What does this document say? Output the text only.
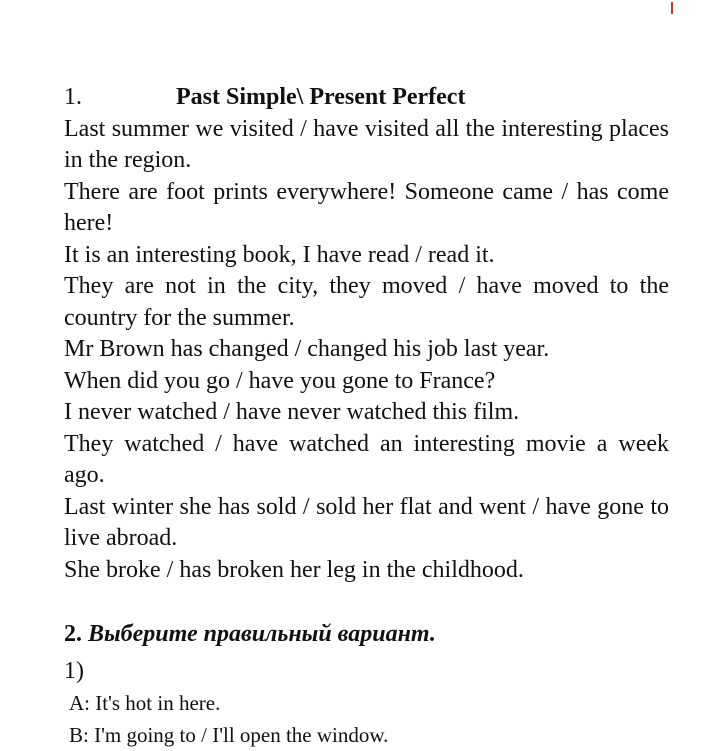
1.	Past Simple\ Present Perfect

Last summer we visited / have visited all the interesting places in the region.

There are foot prints everywhere! Someone came / has come here!

It is an interesting book, I have read / read it.

They are not in the city, they moved / have moved to the country for the summer.

Mr Brown has changed / changed his job last year.

When did you go / have you gone to France?

I never watched / have never watched this film.

They watched / have watched an interesting movie a week ago.

Last winter she has sold / sold her flat and went / have gone to live abroad.

She broke / has broken her leg in the childhood.

2. Выберите правильный вариант.

1)

A: It's hot in here.

B: I'm going to / I'll open the window.
